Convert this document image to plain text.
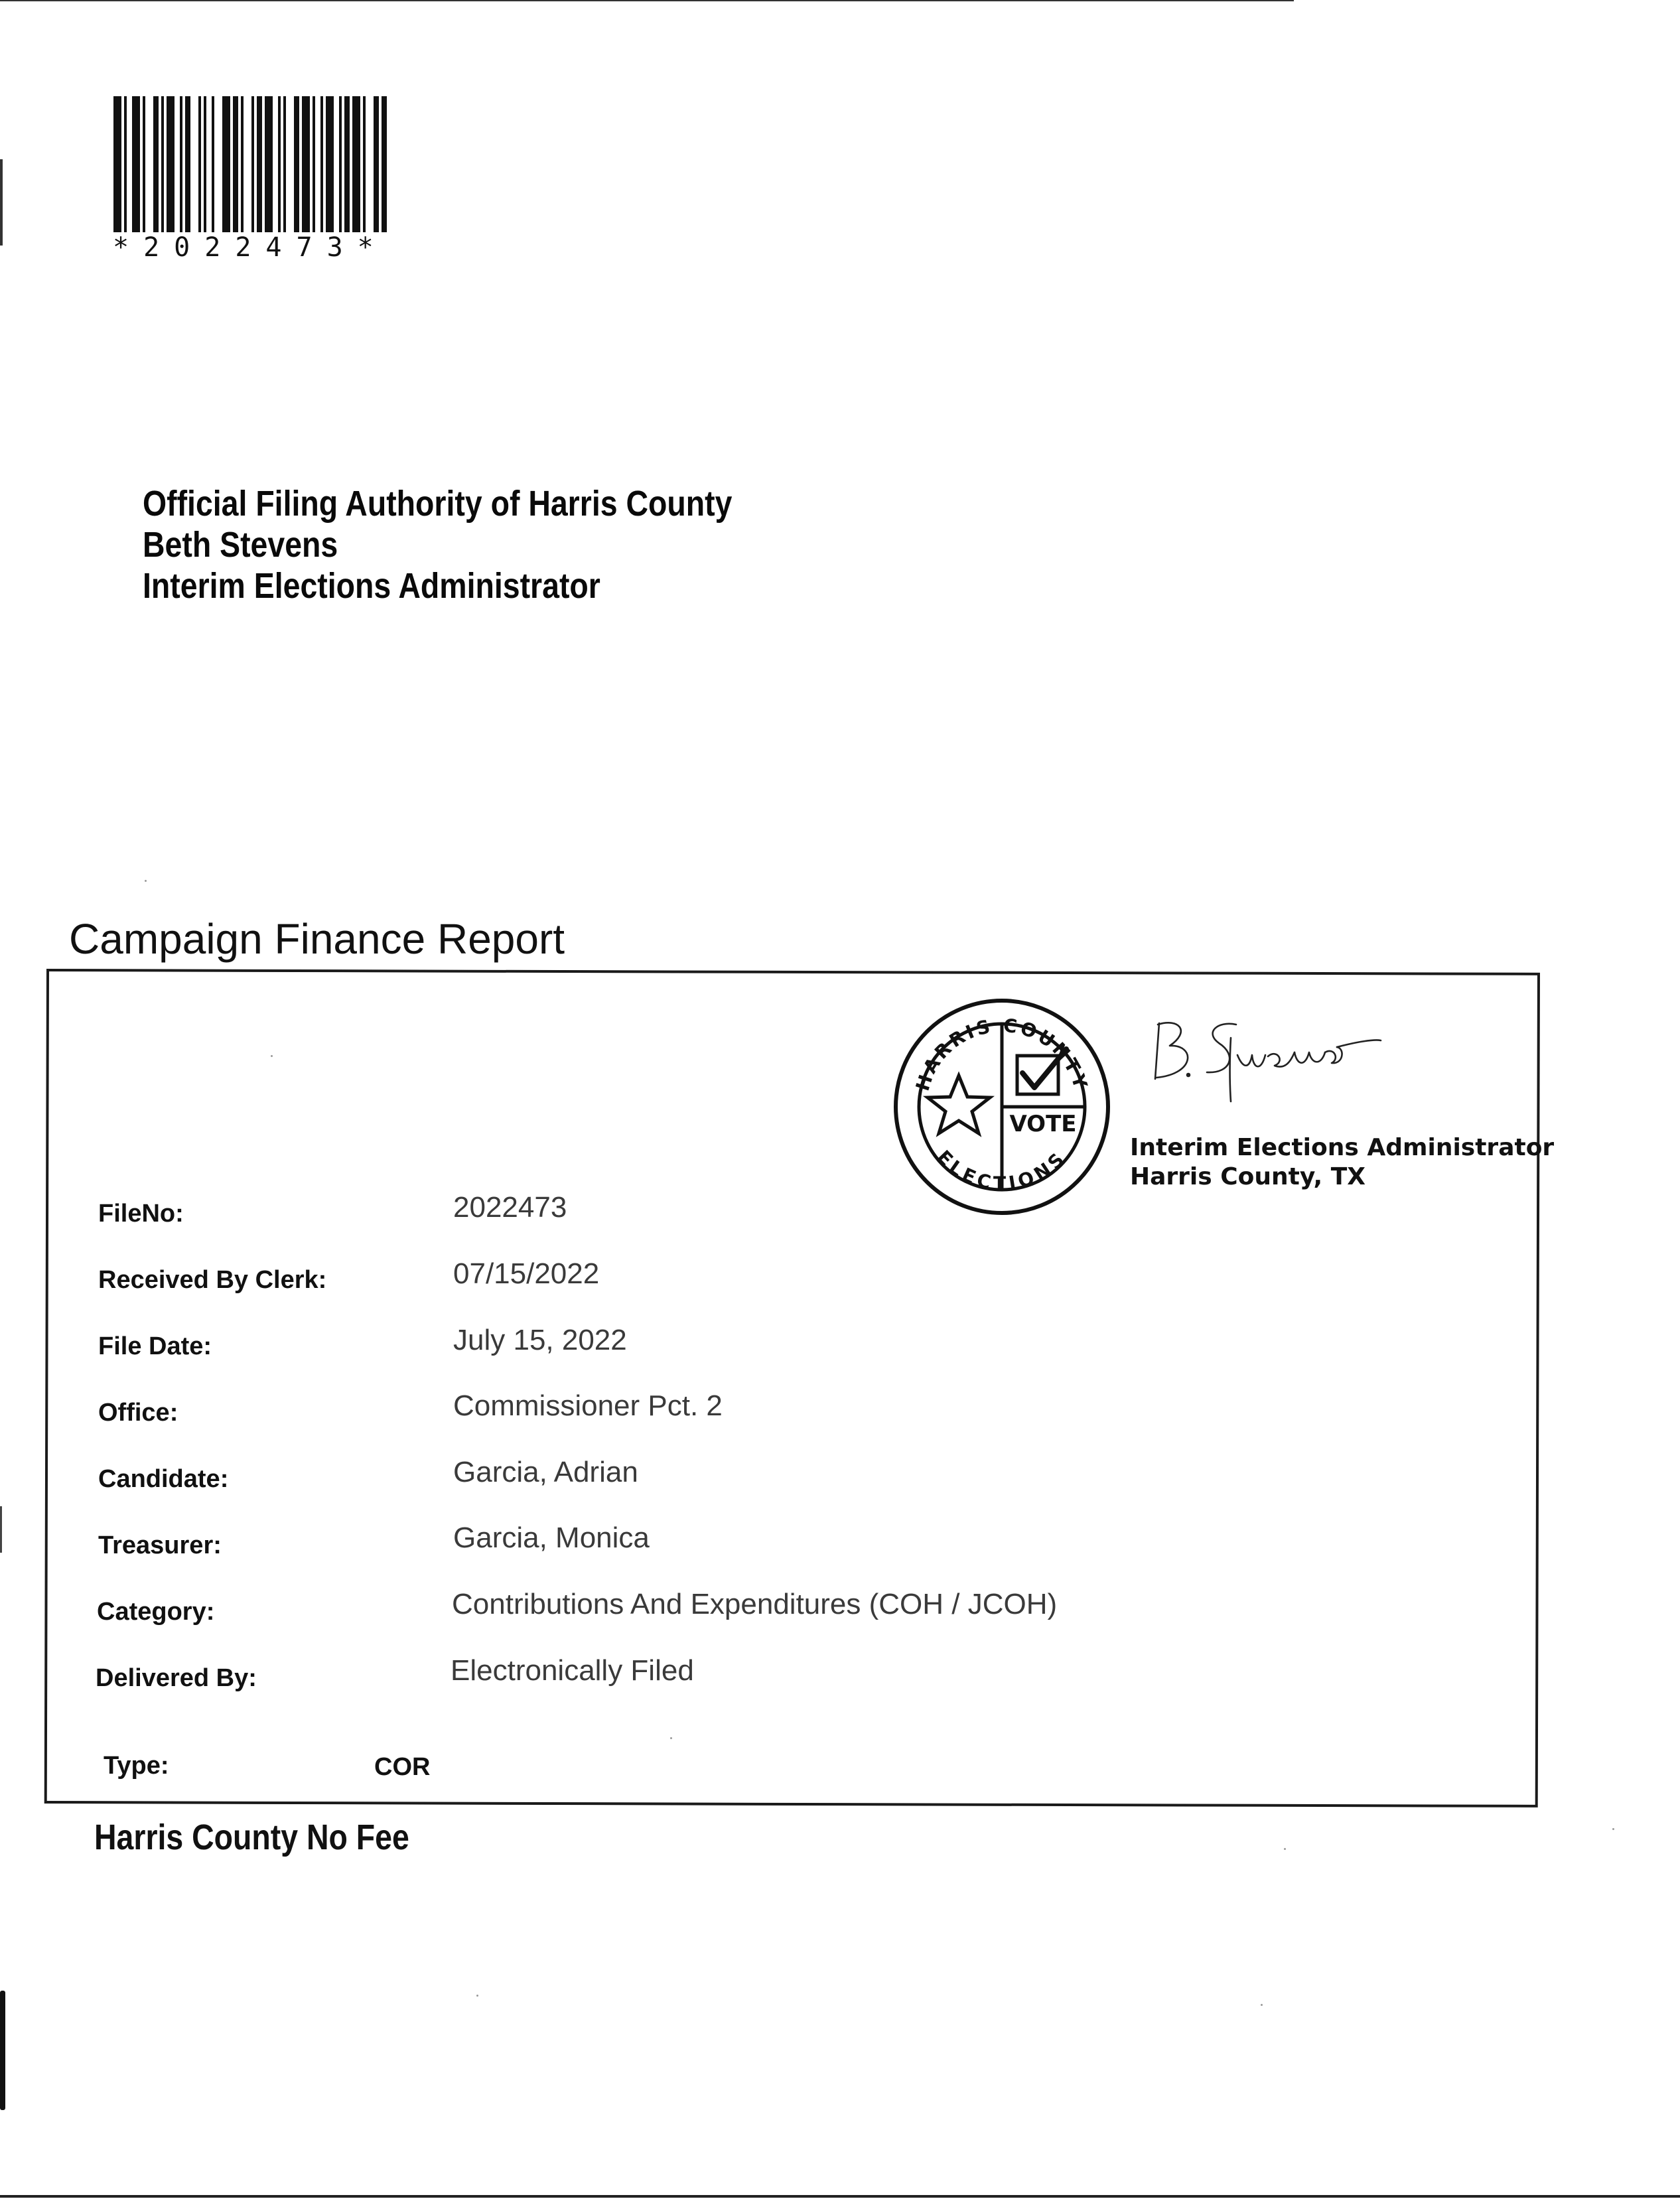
*2022473*
Official Filing Authority of Harris County
Beth Stevens
Interim Elections Administrator
Campaign Finance Report
HARRIS COUNTY
ELECTIONS
VOTE
Interim Elections Administrator
Harris County, TX
FileNo:	2022473
Received By Clerk:	07/15/2022
File Date:	July 15, 2022
Office:	Commissioner Pct. 2
Candidate:	Garcia, Adrian
Treasurer:	Garcia, Monica
Category:	Contributions And Expenditures (COH / JCOH)
Delivered By:	Electronically Filed
Type:	COR
Harris County No Fee
